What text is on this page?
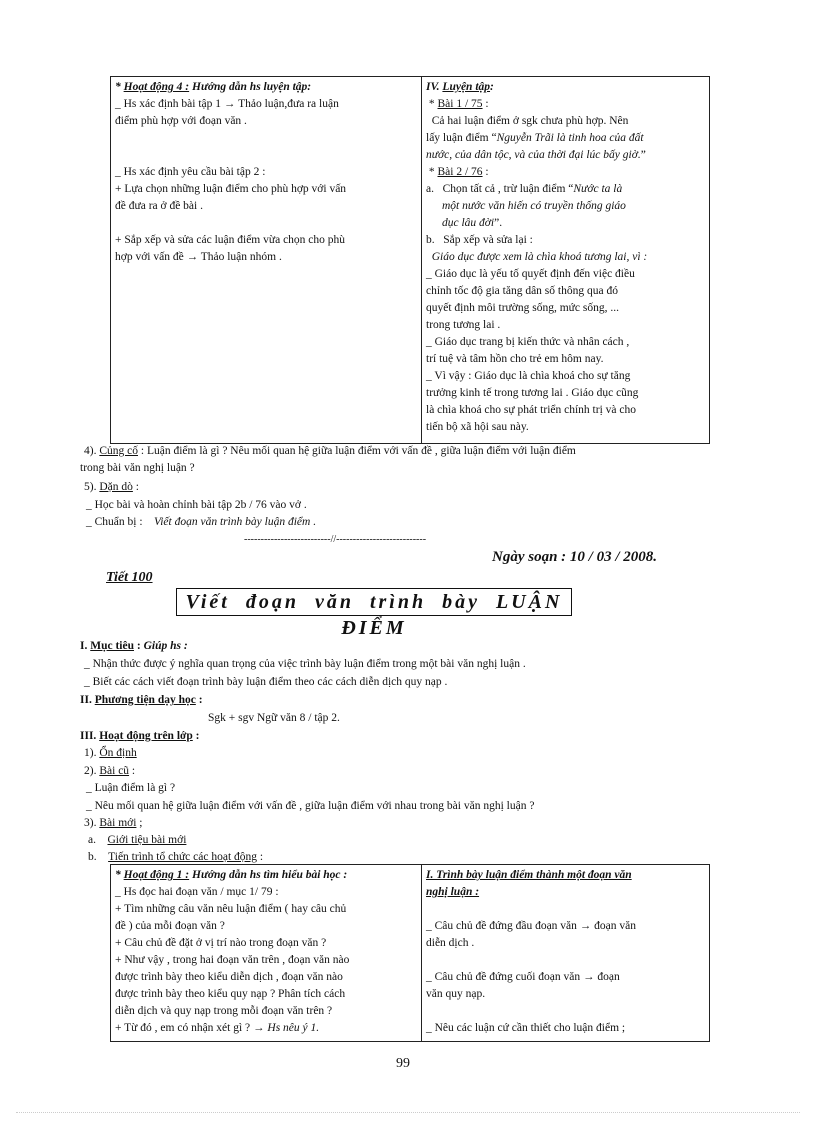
* Hoạt động 4 : Hướng dẫn hs luyện tập:
_ Hs xác định bài tập 1 → Thảo luận,đưa ra luận
điểm phù hợp với đoạn văn .
_ Hs xác định yêu cầu bài tập 2 :
+ Lựa chọn những luận điểm cho phù hợp với vấn
đề đưa ra ở đề bài .
+ Sắp xếp và sửa các luận điểm vừa chọn cho phù
hợp với vấn đề → Thảo luận nhóm .

IV. Luyện tập:
* Bài 1 / 75 :
Cả hai luận điểm ở sgk chưa phù hợp. Nên
lấy luận điểm “Nguyễn Trãi là tinh hoa của đất
nước, của dân tộc, và của thời đại lúc bấy giờ.”
* Bài 2 / 76 :
a.   Chọn tất cả , trừ luận điểm “Nước ta là
một nước văn hiến có truyền thống giáo
dục lâu đời”.
b.   Sắp xếp và sửa lại :
Giáo dục được xem là chìa khoá tương lai, vì :
_ Giáo dục là yếu tố quyết định đến việc điều
chỉnh tốc độ gia tăng dân số thông qua đó
quyết định môi trường sống, mức sống, ...
trong tương lai .
_ Giáo dục trang bị kiến thức và nhân cách ,
trí tuệ và tâm hồn cho trẻ em hôm nay.
_ Vì vậy : Giáo dục là chìa khoá cho sự tăng
trưởng kinh tế trong tương lai . Giáo dục cũng
là chìa khoá cho sự phát triển chính trị và cho
tiến bộ xã hội sau này.
4). Củng cố : Luận điểm là gì ? Nêu mối quan hệ giữa luận điểm với vấn đề , giữa luận điểm với luận điểm
trong bài văn nghị luận ?
5). Dặn dò :
_ Học bài và hoàn chỉnh bài tập 2b / 76 vào vở .
_ Chuẩn bị :    Viết đoạn văn trình bày luận điểm .
--------------------------//---------------------------
Ngày soạn : 10 / 03 / 2008.
Tiết 100
Viết đoạn văn trình bày LUẬN ĐIỂM
I. Mục tiêu : Giúp hs :
_ Nhận thức được ý nghĩa quan trọng của việc trình bày luận điểm trong một bài văn nghị luận .
_ Biết các cách viết đoạn trình bày luận điểm theo các cách diễn dịch quy nạp .
II. Phương tiện dạy học :
Sgk + sgv Ngữ văn 8 / tập 2.
III. Hoạt động trên lớp :
1). Ổn định
2). Bài cũ :
_ Luận điểm là gì ?
_ Nêu mối quan hệ giữa luận điểm với vấn đề , giữa luận điểm với nhau trong bài văn nghị luận ?
3). Bài mới ;
a.    Giới tiệu bài mới
b.    Tiến trình tổ chức các hoạt động :
* Hoạt động 1 : Hướng dẫn hs tìm hiểu bài học :
_ Hs đọc hai đoạn văn / mục 1/ 79 :
+ Tìm những câu văn nêu luận điểm ( hay câu chủ
đề ) của mỗi đoạn văn ?
+ Câu chủ đề đặt ở vị trí nào trong đoạn văn ?
+ Như vậy , trong hai đoạn văn trên , đoạn văn nào
được trình bày theo kiểu diễn dịch , đoạn văn nào
được trình bày theo kiểu quy nạp ? Phân tích cách
diễn dịch và quy nạp trong mỗi đoạn văn trên ?
+ Từ đó , em có nhận xét gì ? → Hs nêu ý 1.

I. Trình bày luận điểm thành một đoạn văn
nghị luận :
_ Câu chủ đề đứng đầu đoạn văn → đoạn văn
diễn dịch .
_ Câu chủ đề đứng cuối đoạn văn → đoạn
văn quy nạp.
_ Nêu các luận cứ cần thiết cho luận điểm ;
99
